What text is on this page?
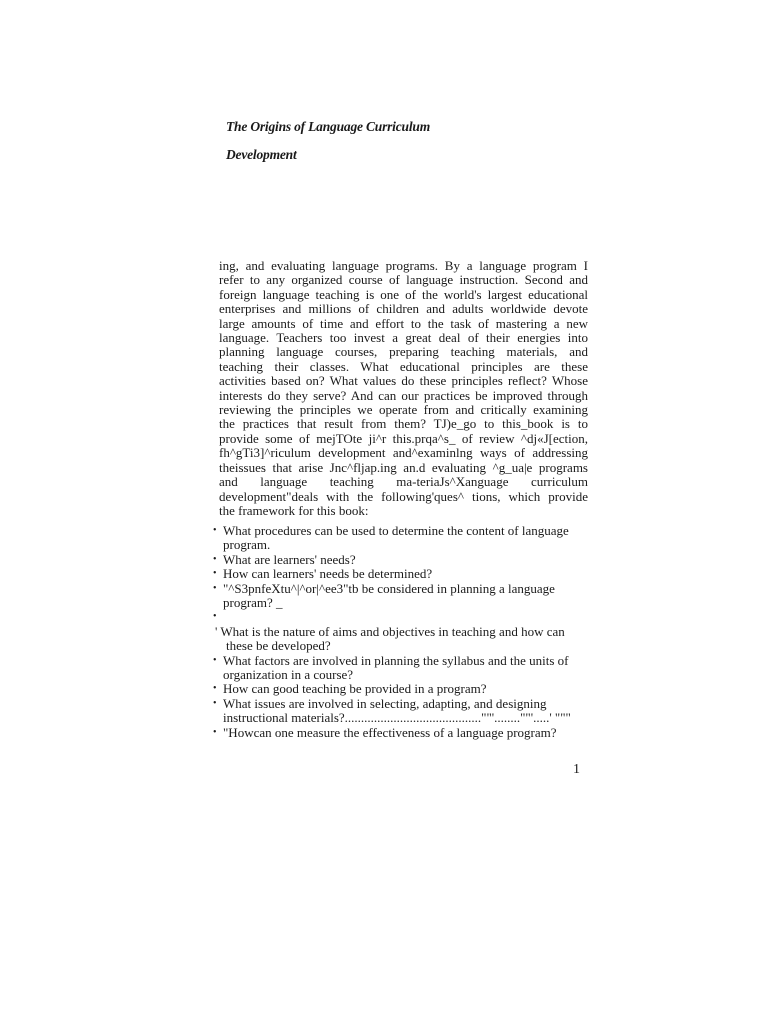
The Origins of Language Curriculum
Development
ing, and evaluating language programs. By a language program I
refer to any organized course of language instruction. Second and
foreign language teaching is one of the world's largest educational
enterprises and millions of children and adults worldwide devote
large amounts of time and effort to the task of mastering a new
language. Teachers too invest a great deal of their energies into
planning language courses, preparing teaching materials, and
teaching their classes. What educational principles are these
activities based on? What values do these principles reflect? Whose
interests do they serve? And can our practices be improved through
reviewing the principles we operate from and critically examining
the practices that result from them? TJ)e_go to this_book is to
provide some of mejTOte ji^r this.prqa^s_ of review ^dj«J[ection,
fh^gTi3]^riculum development and^examinlng ways of addressing
theissues that arise Jnc^fljap.ing an.d evaluating ^g_ua|e programs
and language teaching ma-teriaJs^Xanguage curriculum
development"deals with the following'ques^ tions, which provide
the framework for this book:
• What procedures can be used to determine the content of language
program.
• What are learners' needs?
• How can learners' needs be determined?
• "^S3pnfeXtu^|^or|^ee3"tb be considered in planning a language
program? _
•
' What is the nature of aims and objectives in teaching and how can
these be developed?
• What factors are involved in planning the syllabus and the units of
organization in a course?
• How can good teaching be provided in a program?
• What issues are involved in selecting, adapting, and designing
instructional materials?..........................................""'........""'.....' """
• "Howcan one measure the effectiveness of a language program?
1
